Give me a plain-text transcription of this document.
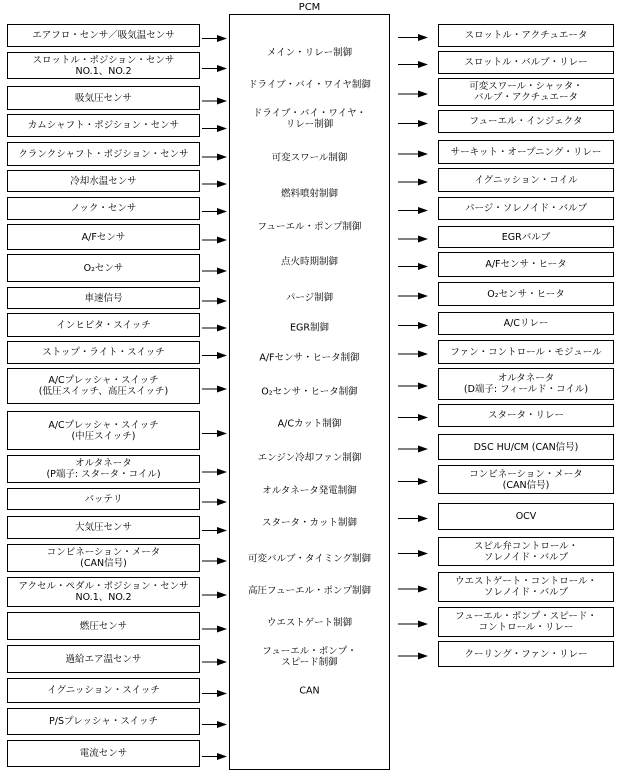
PCM
メイン・リレー制御
ドライブ・バイ・ワイヤ制御
ドライブ・バイ・ワイヤ・
リレー制御
可変スワール制御
燃料噴射制御
フューエル・ポンプ制御
点火時期制御
パージ制御
EGR制御
A/Fセンサ・ヒータ制御
O₂センサ・ヒータ制御
A/Cカット制御
エンジン冷却ファン制御
オルタネータ発電制御
スタータ・カット制御
可変バルブ・タイミング制御
高圧フューエル・ポンプ制御
ウエストゲート制御
フューエル・ポンプ・
スピード制御
CAN
エアフロ・センサ／吸気温センサ
スロットル・ポジション・センサ
NO.1、NO.2
吸気圧センサ
カムシャフト・ポジション・センサ
クランクシャフト・ポジション・センサ
冷却水温センサ
ノック・センサ
A/Fセンサ
O₂センサ
車速信号
インヒビタ・スイッチ
ストップ・ライト・スイッチ
A/Cプレッシャ・スイッチ
(低圧スイッチ、高圧スイッチ)
A/Cプレッシャ・スイッチ
(中圧スイッチ)
オルタネータ
(P端子: スタータ・コイル)
バッテリ
大気圧センサ
コンビネーション・メータ
(CAN信号)
アクセル・ペダル・ポジション・センサ
NO.1、NO.2
燃圧センサ
過給エア温センサ
イグニッション・スイッチ
P/Sプレッシャ・スイッチ
電流センサ
スロットル・アクチュエータ
スロットル・バルブ・リレー
可変スワール・シャッタ・
バルブ・アクチュエータ
フューエル・インジェクタ
サーキット・オープニング・リレー
イグニッション・コイル
パージ・ソレノイド・バルブ
EGRバルブ
A/Fセンサ・ヒータ
O₂センサ・ヒータ
A/Cリレー
ファン・コントロール・モジュール
オルタネータ
(D端子: フィールド・コイル)
スタータ・リレー
DSC HU/CM (CAN信号)
コンビネーション・メータ
(CAN信号)
OCV
スピル弁コントロール・
ソレノイド・バルブ
ウエストゲート・コントロール・
ソレノイド・バルブ
フューエル・ポンプ・スピード・
コントロール・リレー
クーリング・ファン・リレー
